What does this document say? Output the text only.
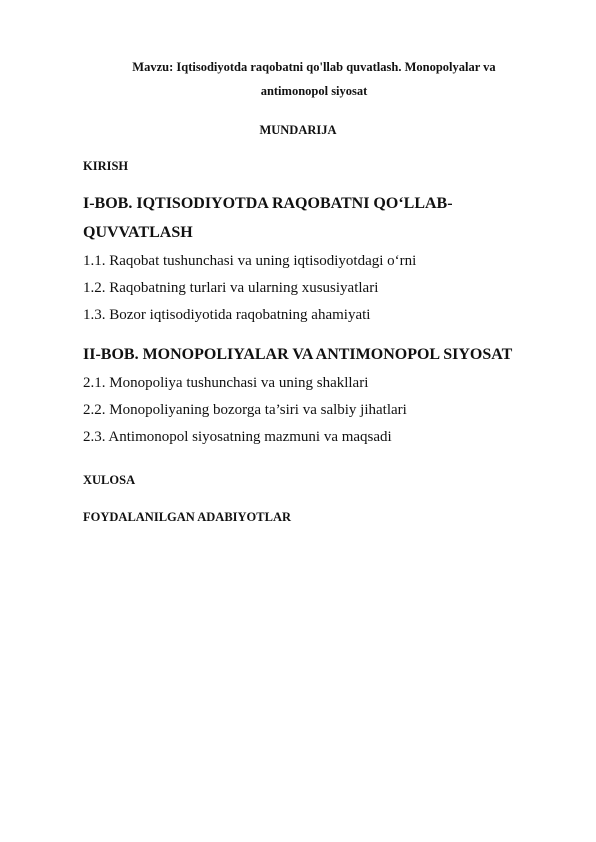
Mavzu: Iqtisodiyotda raqobatni qo'llab quvatlash. Monopolyalar va
antimonopol siyosat
MUNDARIJA
KIRISH
I-BOB. IQTISODIYOTDA RAQOBATNI QO‘LLAB-
QUVVATLASH
1.1. Raqobat tushunchasi va uning iqtisodiyotdagi o‘rni
1.2. Raqobatning turlari va ularning xususiyatlari
1.3. Bozor iqtisodiyotida raqobatning ahamiyati
II-BOB. MONOPOLIYALAR VA ANTIMONOPOL SIYOSAT
2.1. Monopoliya tushunchasi va uning shakllari
2.2. Monopoliyaning bozorga ta’siri va salbiy jihatlari
2.3. Antimonopol siyosatning mazmuni va maqsadi
XULOSA
FOYDALANILGAN ADABIYOTLAR
